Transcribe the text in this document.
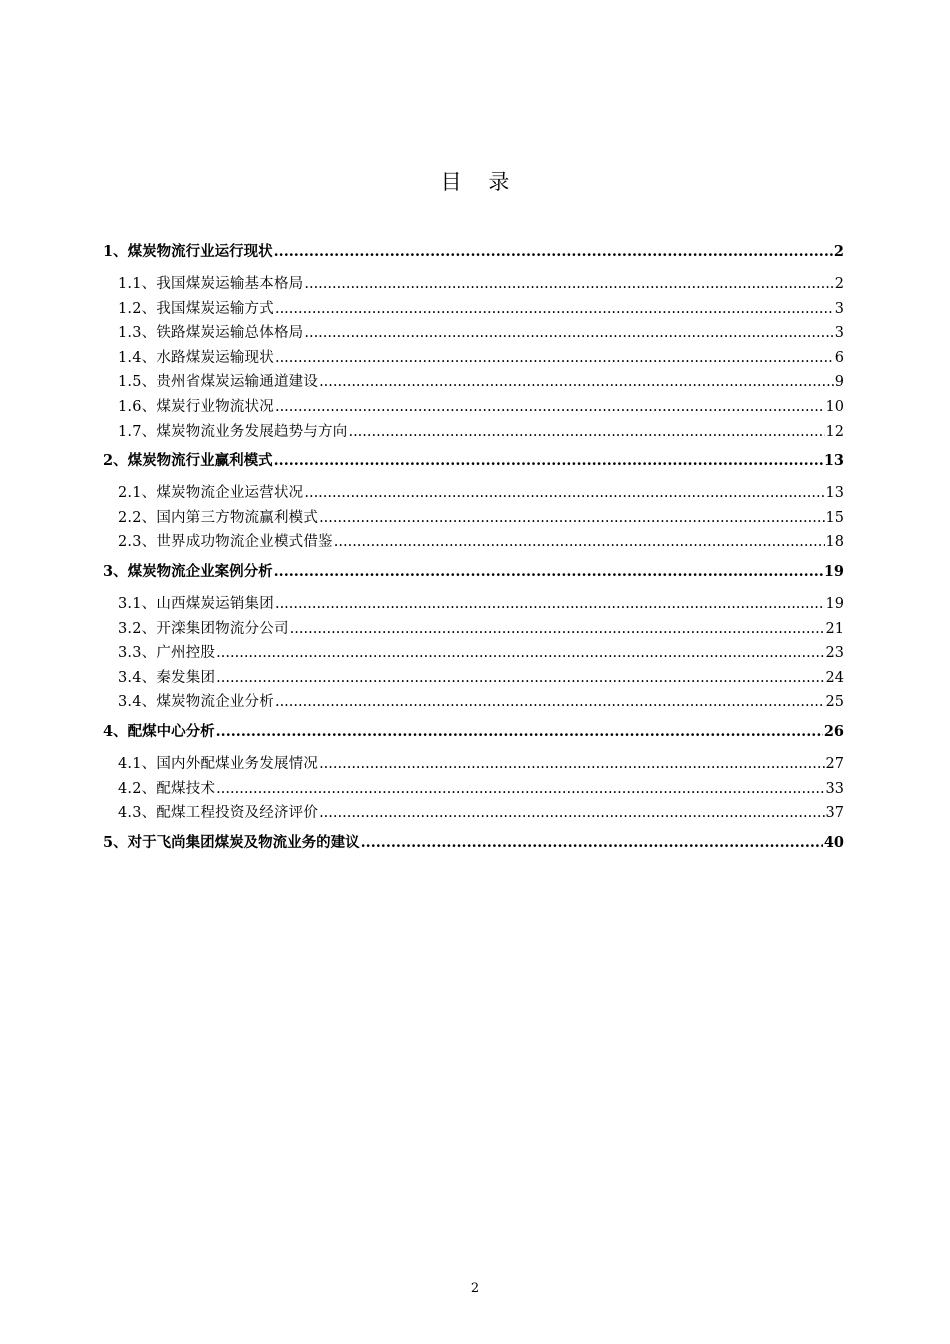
目 录
1、煤炭物流行业运行现状 .....	2
1.1、我国煤炭运输基本格局 .....	2
1.2、我国煤炭运输方式 .....	3
1.3、铁路煤炭运输总体格局 .....	3
1.4、水路煤炭运输现状 .....	6
1.5、贵州省煤炭运输通道建设 .....	9
1.6、煤炭行业物流状况 .....	10
1.7、煤炭物流业务发展趋势与方向 .....	12
2、煤炭物流行业赢利模式 .....	13
2.1、煤炭物流企业运营状况 .....	13
2.2、国内第三方物流赢利模式 .....	15
2.3、世界成功物流企业模式借鉴 .....	18
3、煤炭物流企业案例分析 .....	19
3.1、山西煤炭运销集团 .....	19
3.2、开滦集团物流分公司 .....	21
3.3、广州控股 .....	23
3.4、秦发集团 .....	24
3.4、煤炭物流企业分析 .....	25
4、配煤中心分析 .....	26
4.1、国内外配煤业务发展情况 .....	27
4.2、配煤技术 .....	33
4.3、配煤工程投资及经济评价 .....	37
5、对于飞尚集团煤炭及物流业务的建议 .....	40
2
